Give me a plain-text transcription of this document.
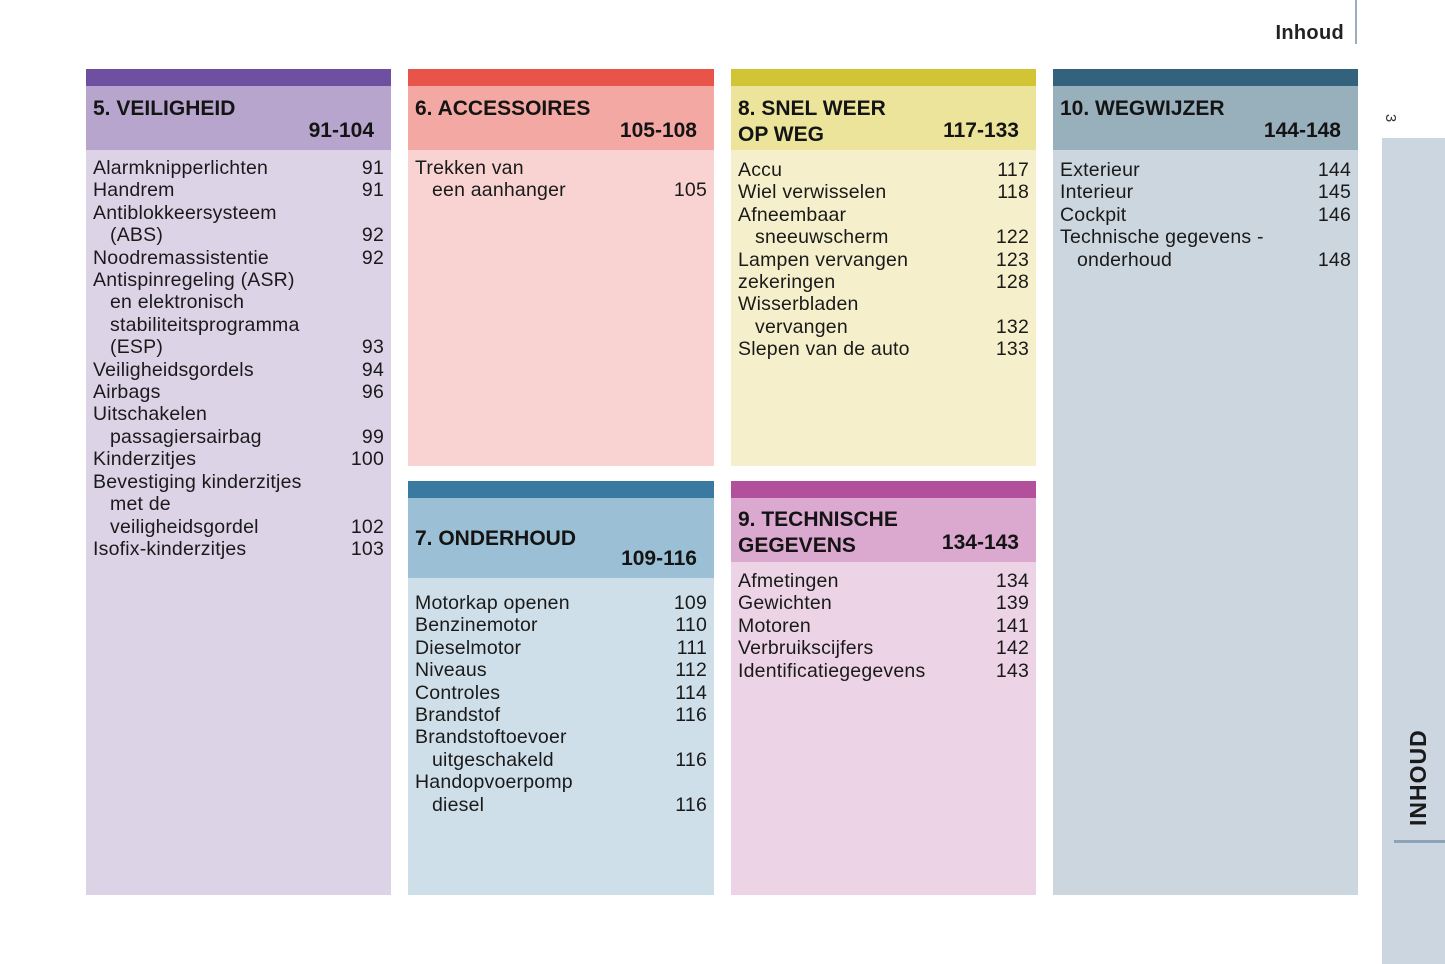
Inhoud
3
INHOUD
5. VEILIGHEID
91-104
Alarmknipperlichten	91
Handrem	91
Antiblokkeersysteem
(ABS)	92
Noodremassistentie	92
Antispinregeling (ASR)
en elektronisch
stabiliteitsprogramma
(ESP)	93
Veiligheidsgordels	94
Airbags	96
Uitschakelen
passagiersairbag	99
Kinderzitjes	100
Bevestiging kinderzitjes
met de
veiligheidsgordel	102
Isofix-kinderzitjes	103
6. ACCESSOIRES
105-108
Trekken van
een aanhanger	105
7. ONDERHOUD
109-116
Motorkap openen	109
Benzinemotor	110
Dieselmotor	111
Niveaus	112
Controles	114
Brandstof	116
Brandstoftoevoer
uitgeschakeld	116
Handopvoerpomp
diesel	116
8. SNEL WEER
OP WEG	117-133
Accu	117
Wiel verwisselen	118
Afneembaar
sneeuwscherm	122
Lampen vervangen	123
zekeringen	128
Wisserbladen
vervangen	132
Slepen van de auto	133
9. TECHNISCHE
GEGEVENS	134-143
Afmetingen	134
Gewichten	139
Motoren	141
Verbruikscijfers	142
Identificatiegegevens	143
10. WEGWIJZER
144-148
Exterieur	144
Interieur	145
Cockpit	146
Technische gegevens -
onderhoud	148
